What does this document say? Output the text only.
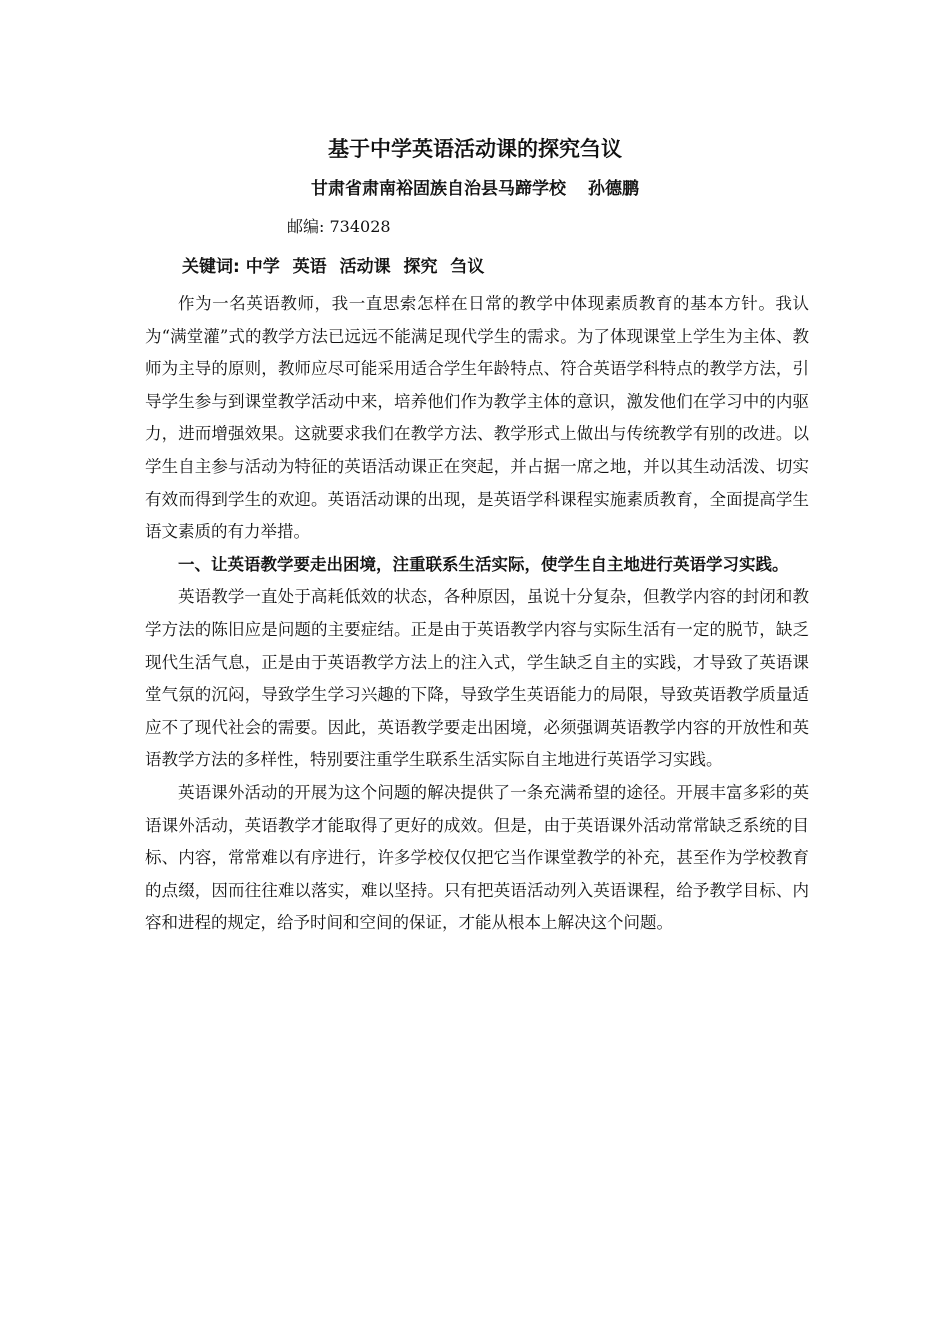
基于中学英语活动课的探究刍议
甘肃省肃南裕固族自治县马蹄学校 孙德鹏
邮编: 734028
关键词: 中学 英语 活动课 探究 刍议

作为一名英语教师，我一直思索怎样在日常的教学中体现素质教育的基本方针。我认为“满堂灌”式的教学方法已远远不能满足现代学生的需求。为了体现课堂上学生为主体、教师为主导的原则，教师应尽可能采用适合学生年龄特点、符合英语学科特点的教学方法，引导学生参与到课堂教学活动中来，培养他们作为教学主体的意识，激发他们在学习中的内驱力，进而增强效果。这就要求我们在教学方法、教学形式上做出与传统教学有别的改进。以学生自主参与活动为特征的英语活动课正在突起，并占据一席之地，并以其生动活泼、切实有效而得到学生的欢迎。英语活动课的出现，是英语学科课程实施素质教育，全面提高学生语文素质的有力举措。

一、让英语教学要走出困境，注重联系生活实际，使学生自主地进行英语学习实践。

英语教学一直处于高耗低效的状态，各种原因，虽说十分复杂，但教学内容的封闭和教学方法的陈旧应是问题的主要症结。正是由于英语教学内容与实际生活有一定的脱节，缺乏现代生活气息，正是由于英语教学方法上的注入式，学生缺乏自主的实践，才导致了英语课堂气氛的沉闷，导致学生学习兴趣的下降，导致学生英语能力的局限，导致英语教学质量适应不了现代社会的需要。因此，英语教学要走出困境，必须强调英语教学内容的开放性和英语教学方法的多样性，特别要注重学生联系生活实际自主地进行英语学习实践。

英语课外活动的开展为这个问题的解决提供了一条充满希望的途径。开展丰富多彩的英语课外活动，英语教学才能取得了更好的成效。但是，由于英语课外活动常常缺乏系统的目标、内容，常常难以有序进行，许多学校仅仅把它当作课堂教学的补充，甚至作为学校教育的点缀，因而往往难以落实，难以坚持。只有把英语活动列入英语课程，给予教学目标、内容和进程的规定，给予时间和空间的保证，才能从根本上解决这个问题。
